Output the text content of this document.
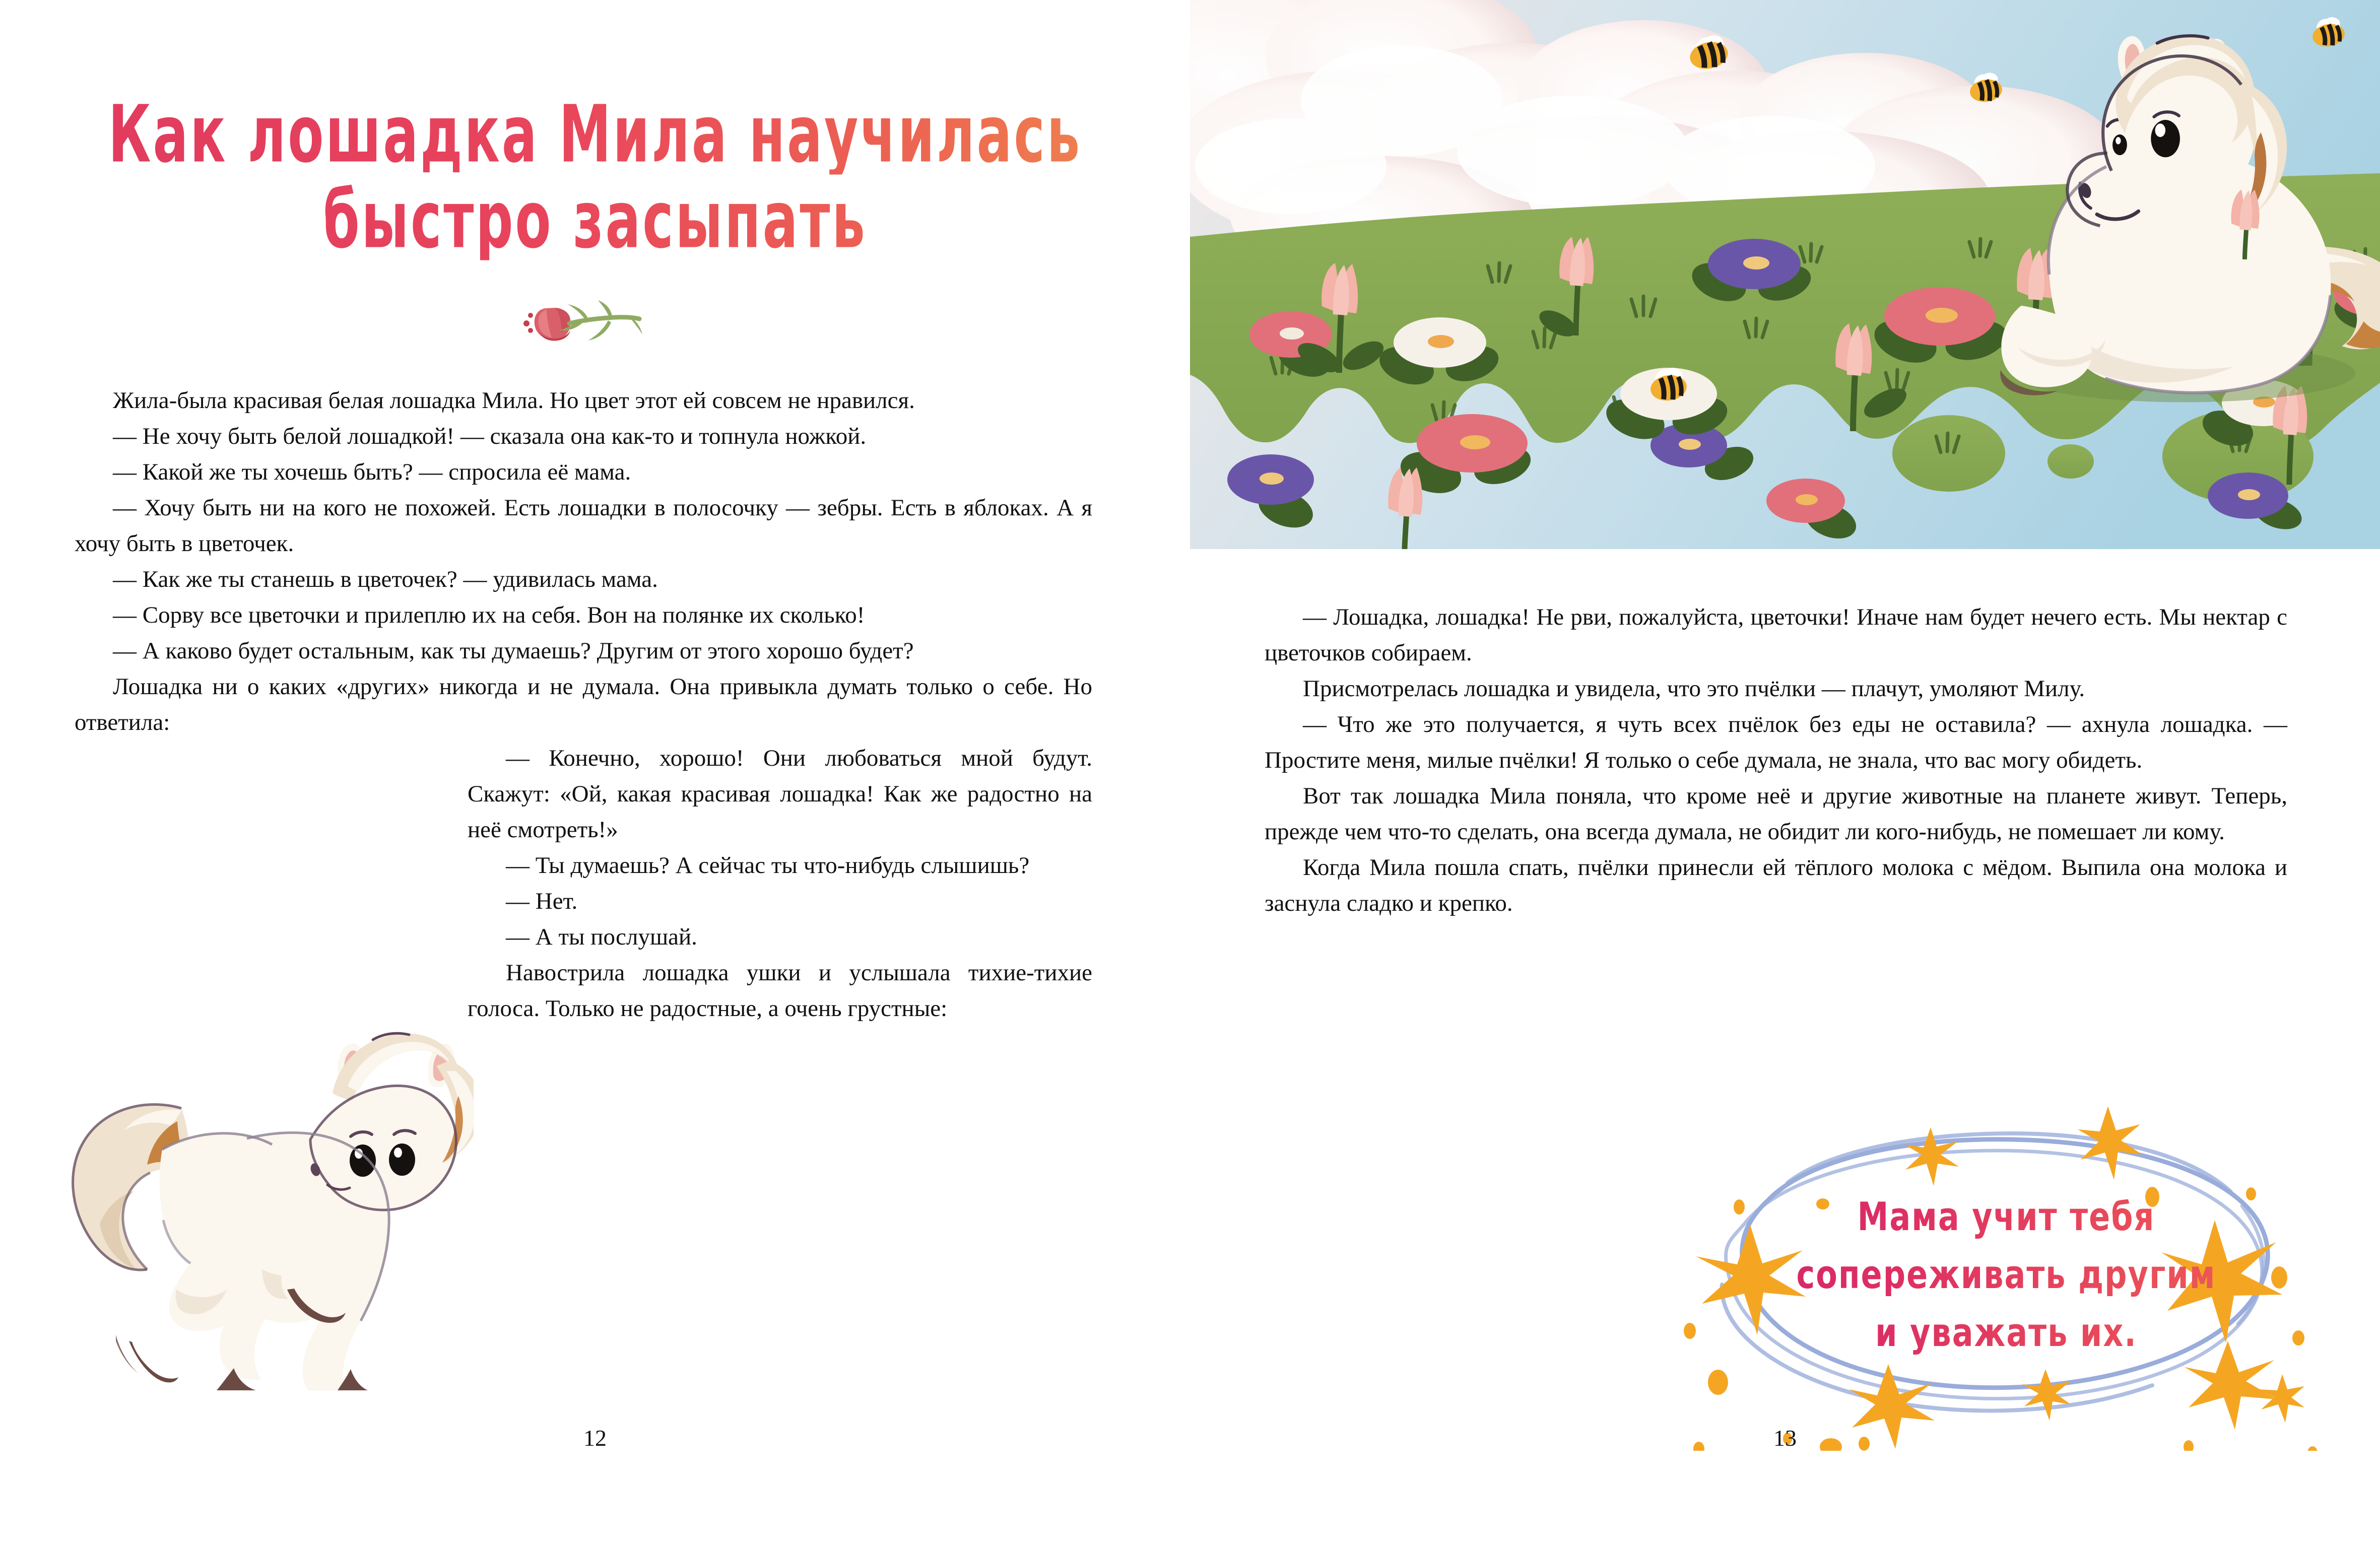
Как лошадка Мила научилась
быстро засыпать

Жила-была красивая белая лошадка Мила. Но цвет этот ей совсем не нравился.

— Не хочу быть белой лошадкой! — сказала она как-то и топнула ножкой.

— Какой же ты хочешь быть? — спросила её мама.

— Хочу быть ни на кого не похожей. Есть лошадки в полосочку — зебры. Есть в яблоках. А я хочу быть в цветочек.

— Как же ты станешь в цветочек? — удивилась мама.

— Сорву все цветочки и прилеплю их на себя. Вон на полянке их сколько!

— А каково будет остальным, как ты думаешь? Другим от этого хорошо будет?

Лошадка ни о каких «других» никогда и не думала. Она привыкла думать только о себе. Но ответила:

— Конечно, хорошо! Они любоваться мной будут. Скажут: «Ой, какая красивая лошадка! Как же радостно на неё смотреть!»

— Ты думаешь? А сейчас ты что-нибудь слышишь?

— Нет.

— А ты послушай.

Навострила лошадка ушки и услышала тихие-тихие голоса. Только не радостные, а очень грустные:

12

— Лошадка, лошадка! Не рви, пожалуйста, цветочки! Иначе нам будет нечего есть. Мы нектар с цветочков собираем.

Присмотрелась лошадка и увидела, что это пчёлки — плачут, умоляют Милу.

— Что же это получается, я чуть всех пчёлок без еды не оставила? — ахнула лошадка. — Простите меня, милые пчёлки! Я только о себе думала, не знала, что вас могу обидеть.

Вот так лошадка Мила поняла, что кроме неё и другие животные на планете живут. Теперь, прежде чем что-то сделать, она всегда думала, не обидит ли кого-нибудь, не помешает ли кому.

Когда Мила пошла спать, пчёлки принесли ей тёплого молока с мёдом. Выпила она молока и заснула сладко и крепко.

Мама учит тебя
сопереживать другим
и уважать их.
13
